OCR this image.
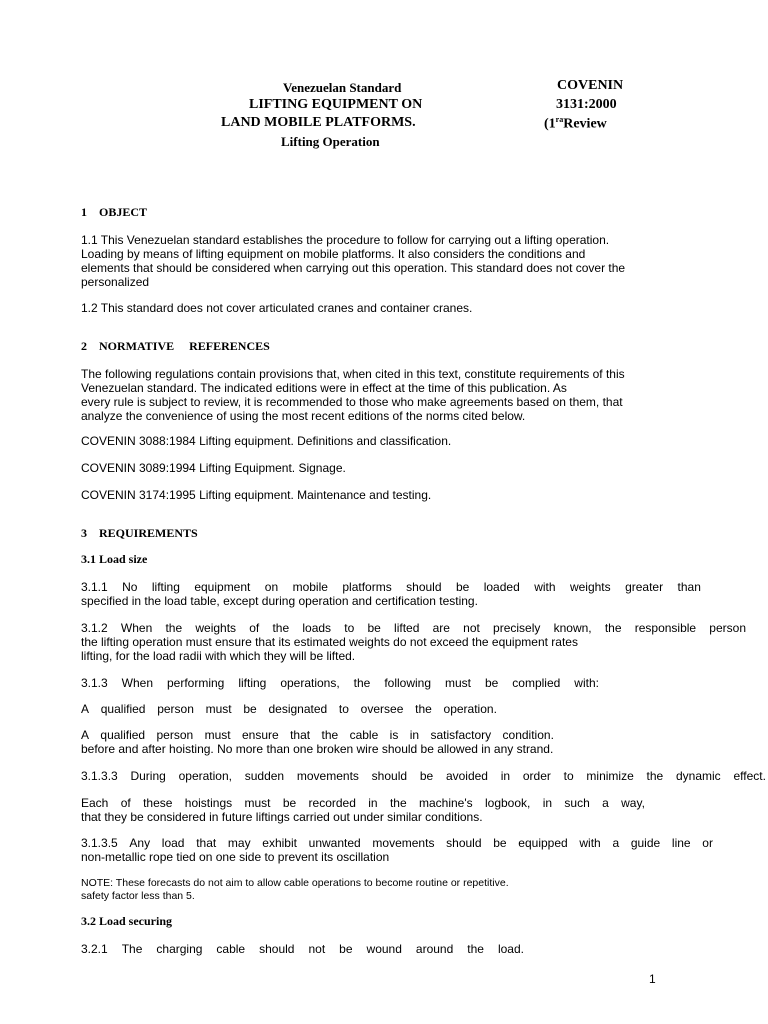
Venezuelan Standard
LIFTING EQUIPMENT ON
LAND MOBILE PLATFORMS.
Lifting Operation
COVENIN
3131:2000
($1^{ra}Review$
1    OBJECT
1.1 This Venezuelan standard establishes the procedure to follow for carrying out a lifting operation.
Loading by means of lifting equipment on mobile platforms. It also considers the conditions and
elements that should be considered when carrying out this operation. This standard does not cover the
personalized
1.2 This standard does not cover articulated cranes and container cranes.
2    NORMATIVE     REFERENCES
The following regulations contain provisions that, when cited in this text, constitute requirements of this
Venezuelan standard. The indicated editions were in effect at the time of this publication. As
every rule is subject to review, it is recommended to those who make agreements based on them, that
analyze the convenience of using the most recent editions of the norms cited below.
COVENIN 3088:1984 Lifting equipment. Definitions and classification.
COVENIN 3089:1994 Lifting Equipment. Signage.
COVENIN 3174:1995 Lifting equipment. Maintenance and testing.
3    REQUIREMENTS
3.1 Load size
3.1.1 No lifting equipment on mobile platforms should be loaded with weights greater than
specified in the load table, except during operation and certification testing.
3.1.2 When the weights of the loads to be lifted are not precisely known, the responsible person
the lifting operation must ensure that its estimated weights do not exceed the equipment rates
lifting, for the load radii with which they will be lifted.
3.1.3 When performing lifting operations, the following must be complied with:
A qualified person must be designated to oversee the operation.
A qualified person must ensure that the cable is in satisfactory condition.
before and after hoisting. No more than one broken wire should be allowed in any strand.
3.1.3.3 During operation, sudden movements should be avoided in order to minimize the dynamic effect.
Each of these hoistings must be recorded in the machine's logbook, in such a way,
that they be considered in future liftings carried out under similar conditions.
3.1.3.5 Any load that may exhibit unwanted movements should be equipped with a guide line or
non-metallic rope tied on one side to prevent its oscillation
NOTE: These forecasts do not aim to allow cable operations to become routine or repetitive.
safety factor less than 5.
3.2 Load securing
3.2.1 The charging cable should not be wound around the load.
1
